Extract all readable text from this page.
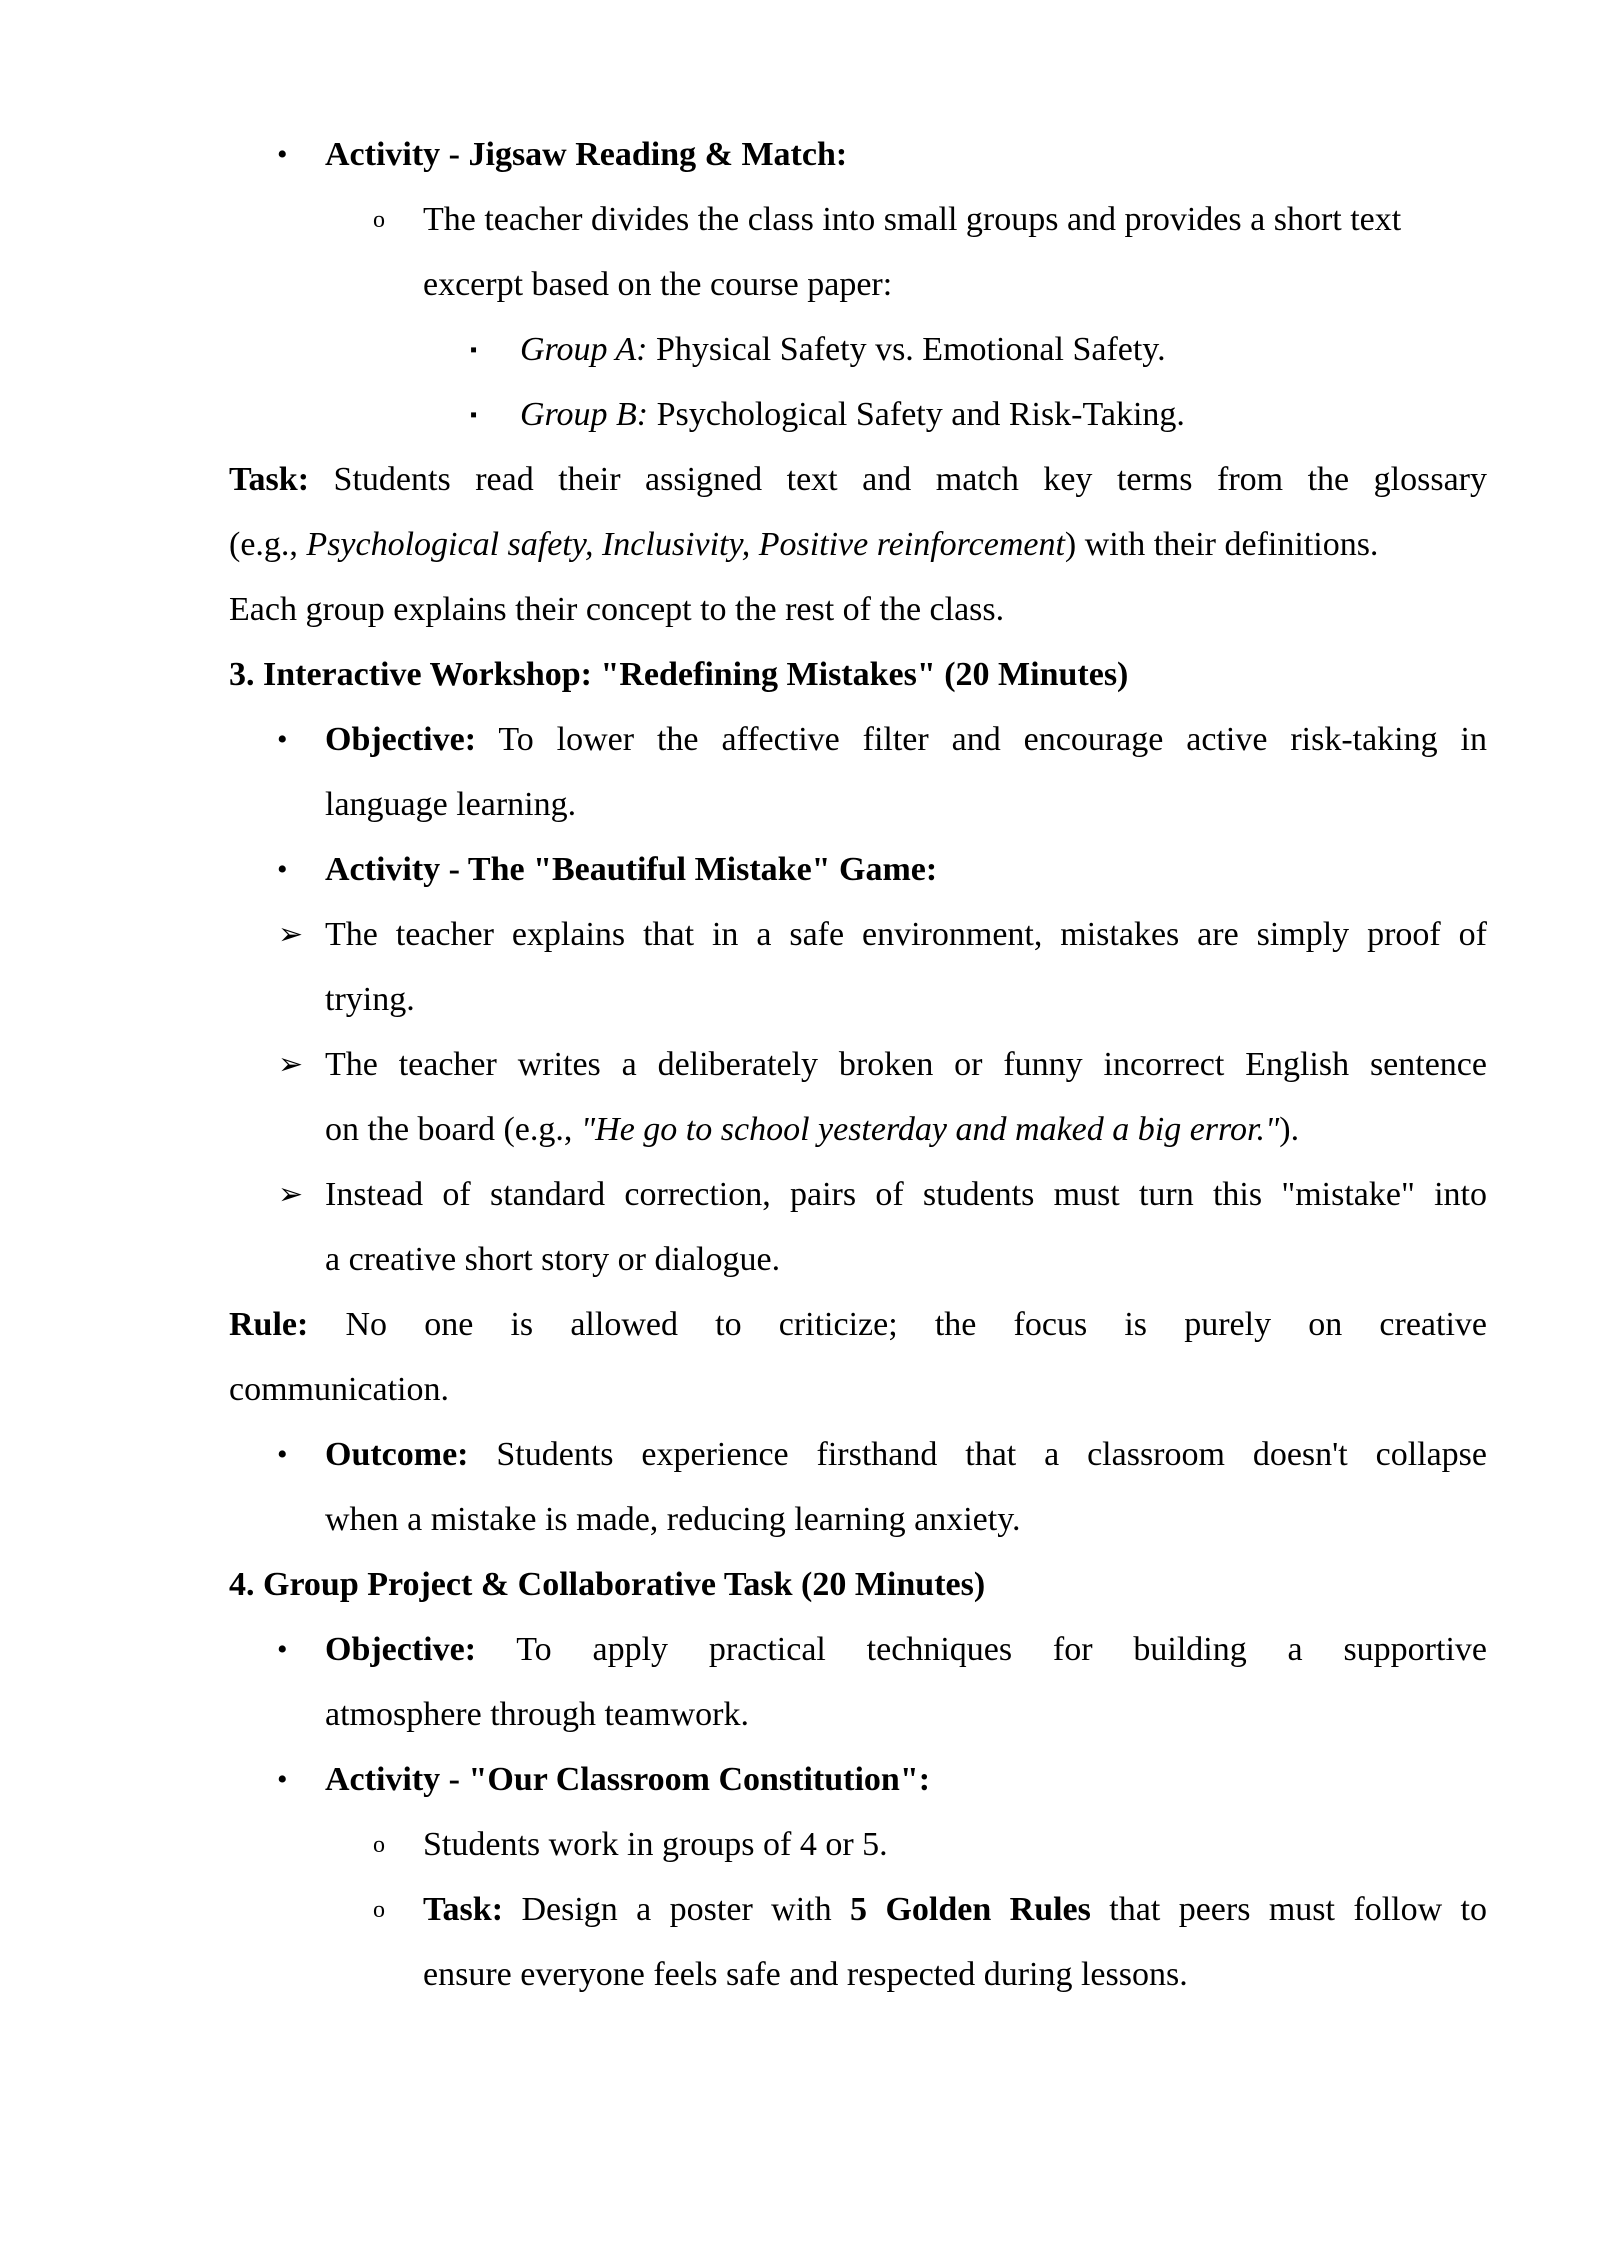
• Activity - Jigsaw Reading & Match:
o The teacher divides the class into small groups and provides a short text
excerpt based on the course paper:
▪ Group A: Physical Safety vs. Emotional Safety.
▪ Group B: Psychological Safety and Risk-Taking.
Task: Students read their assigned text and match key terms from the glossary
(e.g., Psychological safety, Inclusivity, Positive reinforcement) with their definitions.
Each group explains their concept to the rest of the class.
3. Interactive Workshop: "Redefining Mistakes" (20 Minutes)
• Objective: To lower the affective filter and encourage active risk-taking in
language learning.
• Activity - The "Beautiful Mistake" Game:
➢ The teacher explains that in a safe environment, mistakes are simply proof of
trying.
➢ The teacher writes a deliberately broken or funny incorrect English sentence
on the board (e.g., "He go to school yesterday and maked a big error.").
➢ Instead of standard correction, pairs of students must turn this "mistake" into
a creative short story or dialogue.
Rule: No one is allowed to criticize; the focus is purely on creative
communication.
• Outcome: Students experience firsthand that a classroom doesn't collapse
when a mistake is made, reducing learning anxiety.
4. Group Project & Collaborative Task (20 Minutes)
• Objective: To apply practical techniques for building a supportive
atmosphere through teamwork.
• Activity - "Our Classroom Constitution":
o Students work in groups of 4 or 5.
o Task: Design a poster with 5 Golden Rules that peers must follow to
ensure everyone feels safe and respected during lessons.
